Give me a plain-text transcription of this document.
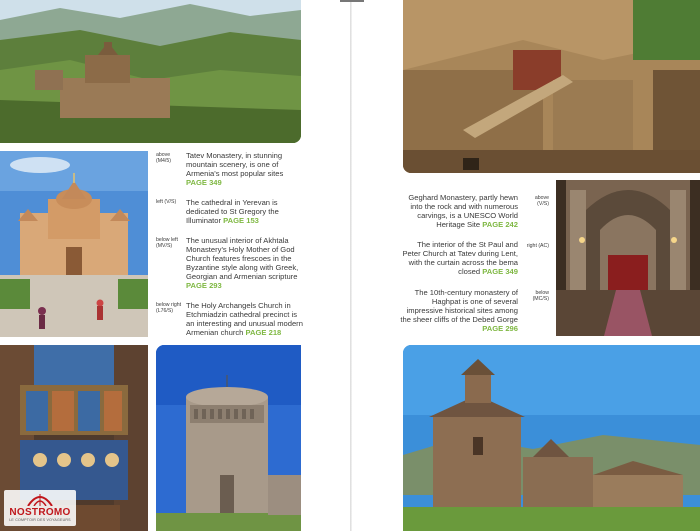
above (M4/5)
Tatev Monastery, in stunning mountain scenery, is one of Armenia's most popular sites PAGE 349
left (V/S)	The cathedral in Yerevan is dedicated to St Gregory the Illuminator PAGE 153
below left (MV/S)
The unusual interior of Akhtala Monastery's Holy Mother of God Church features frescoes in the Byzantine style along with Greek, Georgian and Armenian scripture PAGE 293
below right (L76/S)
The Holy Archangels Church in Etchmiadzin cathedral precinct is an interesting and unusual modern Armenian church PAGE 218
Geghard Monastery, partly hewn into the rock and with numerous carvings, is a UNESCO World Heritage Site PAGE 242
above (V/S)
The interior of the St Paul and Peter Church at Tatev during Lent, with the curtain across the bema closed PAGE 349
right (AC)
The 10th-century monastery of Haghpat is one of several impressive historical sites among the sheer cliffs of the Debed Gorge PAGE 296
below (MC/S)
NOSTROMO
LE COMPTOIR DES VOYAGEURS
